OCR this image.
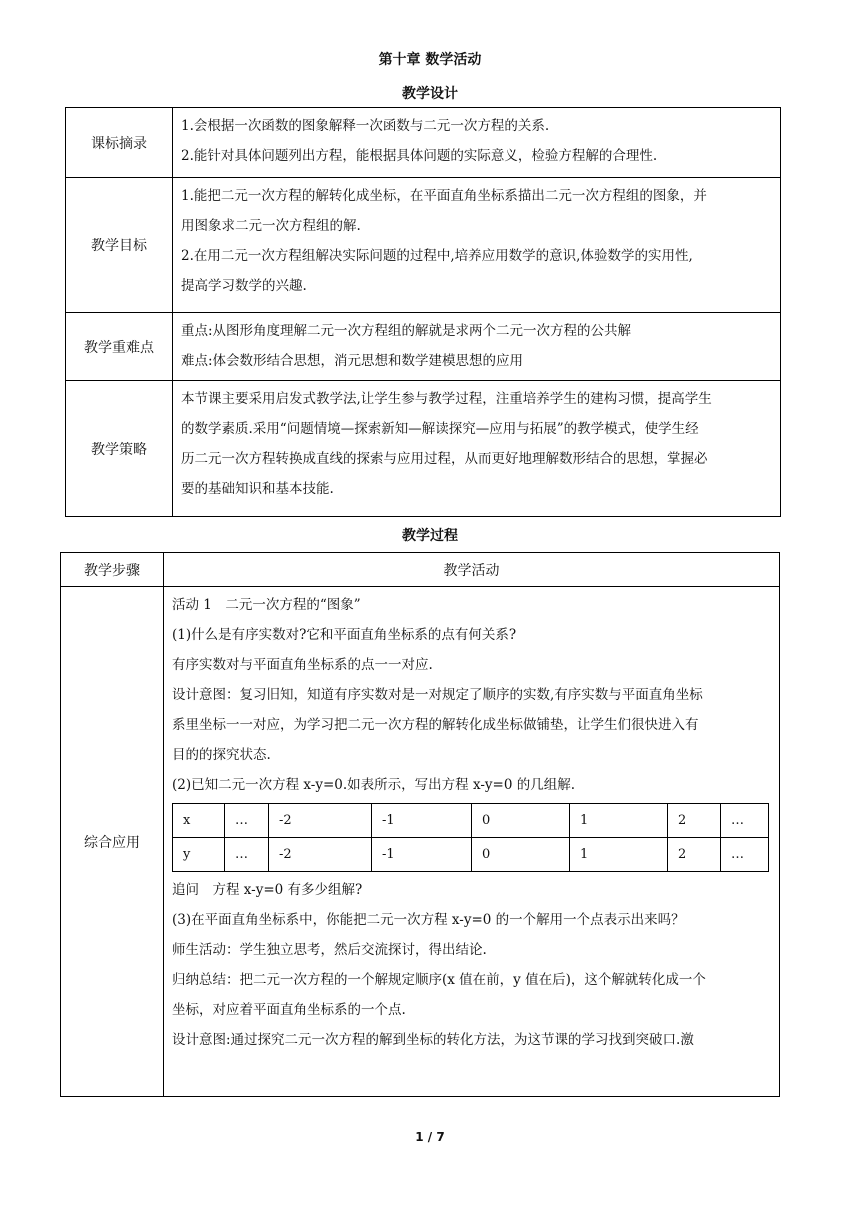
第十章 数学活动
教学设计
课标摘录	1.会根据一次函数的图象解释一次函数与二元一次方程的关系.
2.能针对具体问题列出方程，能根据具体问题的实际意义，检验方程解的合理性.

教学目标	1.能把二元一次方程的解转化成坐标，在平面直角坐标系描出二元一次方程组的图象，并
用图象求二元一次方程组的解.
2.在用二元一次方程组解决实际问题的过程中,培养应用数学的意识,体验数学的实用性,
提高学习数学的兴趣.

教学重难点	重点:从图形角度理解二元一次方程组的解就是求两个二元一次方程的公共解
难点:体会数形结合思想，消元思想和数学建模思想的应用

教学策略	本节课主要采用启发式教学法,让学生参与教学过程，注重培养学生的建构习惯，提高学生
的数学素质.采用“问题情境—探索新知—解读探究—应用与拓展”的教学模式，使学生经
历二元一次方程转换成直线的探索与应用过程，从而更好地理解数形结合的思想，掌握必
要的基础知识和基本技能.
教学过程
教学步骤	教学活动
综合应用	
活动 1　二元一次方程的“图象”
(1)什么是有序实数对?它和平面直角坐标系的点有何关系?
有序实数对与平面直角坐标系的点一一对应.
设计意图：复习旧知，知道有序实数对是一对规定了顺序的实数,有序实数与平面直角坐标
系里坐标一一对应，为学习把二元一次方程的解转化成坐标做铺垫，让学生们很快进入有
目的的探究状态.
(2)已知二元一次方程 x-y=0.如表所示，写出方程 x-y=0 的几组解.
x	…	-2	-1	0	1	2	…
y	…	-2	-1	0	1	2	…
追问　方程 x-y=0 有多少组解?
(3)在平面直角坐标系中，你能把二元一次方程 x-y=0 的一个解用一个点表示出来吗？
师生活动：学生独立思考，然后交流探讨，得出结论.
归纳总结：把二元一次方程的一个解规定顺序(x 值在前，y 值在后)，这个解就转化成一个
坐标，对应着平面直角坐标系的一个点.
设计意图:通过探究二元一次方程的解到坐标的转化方法，为这节课的学习找到突破口.激
1 / 7
